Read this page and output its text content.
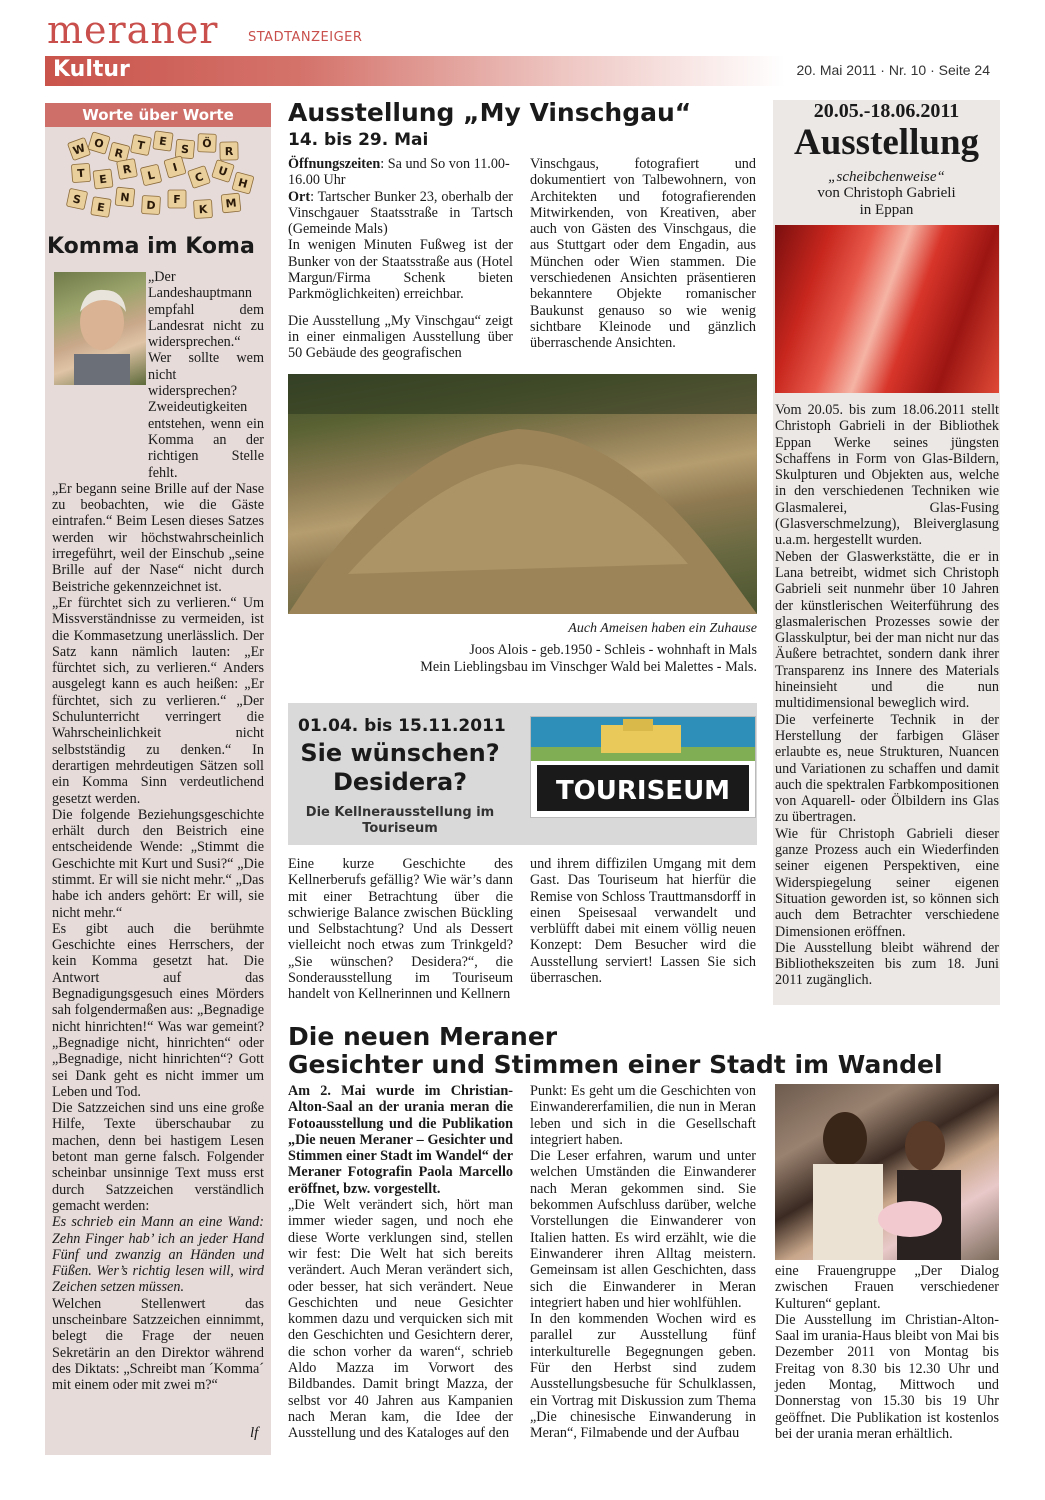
meraner STADTANZEIGER
Kultur	20. Mai 2011 · Nr. 10 · Seite 24
Worte über Worte
W O
R
T E
S Ö
R
T E
R L
I
C U
H
S
E
N
D F
K M
Komma im Koma

„Der Landeshauptmann empfahl dem Landesrat nicht zu widersprechen.“ Wer sollte wem nicht widersprechen? Zweideutigkeiten entstehen, wenn ein Komma an der richtigen Stelle fehlt.

„Er begann seine Brille auf der Nase zu beobachten, wie die Gäste eintrafen.“ Beim Lesen dieses Satzes werden wir höchstwahrscheinlich irregeführt, weil der Einschub „seine Brille auf der Nase“ nicht durch Beistriche gekennzeichnet ist.

„Er fürchtet sich zu verlieren.“ Um Missverständnisse zu vermeiden, ist die Kommasetzung unerlässlich. Der Satz kann nämlich lauten: „Er fürchtet sich, zu verlieren.“ Anders ausgelegt kann es auch heißen: „Er fürchtet, sich zu verlieren.“ „Der Schulunterricht verringert die Wahrscheinlichkeit nicht selbstständig zu denken.“ In derartigen mehrdeutigen Sätzen soll ein Komma Sinn verdeutlichend gesetzt werden.

Die folgende Beziehungsgeschichte erhält durch den Beistrich eine entscheidende Wende: „Stimmt die Geschichte mit Kurt und Susi?“ „Die stimmt. Er will sie nicht mehr.“ „Das habe ich anders gehört: Er will, sie nicht mehr.“

Es gibt auch die berühmte Geschichte eines Herrschers, der kein Komma gesetzt hat. Die Antwort auf das Begnadigungsgesuch eines Mörders sah folgendermaßen aus: „Begnadige nicht hinrichten!“ Was war gemeint? „Begnadige nicht, hinrichten“ oder „Begnadige, nicht hinrichten“? Gott sei Dank geht es nicht immer um Leben und Tod.

Die Satzzeichen sind uns eine große Hilfe, Texte überschaubar zu machen, denn bei hastigem Lesen betont man gerne falsch. Folgender scheinbar unsinnige Text muss erst durch Satzzeichen verständlich gemacht werden:

Es schrieb ein Mann an eine Wand: Zehn Finger hab’ ich an jeder Hand Fünf und zwanzig an Händen und Füßen. Wer’s richtig lesen will, wird Zeichen setzen müssen.

Welchen Stellenwert das unscheinbare Satzzeichen einnimmt, belegt die Frage der neuen Sekretärin an den Direktor während des Diktats: „Schreibt man ´Komma´ mit einem oder mit zwei m?“

lf
Ausstellung „My Vinschgau“
14. bis 29. Mai

Öffnungszeiten: Sa und So von 11.00-16.00 Uhr

Ort: Tartscher Bunker 23, oberhalb der Vinschgauer Staatsstraße in Tartsch (Gemeinde Mals)

In wenigen Minuten Fußweg ist der Bunker von der Staatsstraße aus (Hotel Margun/Firma Schenk bieten Parkmöglichkeiten) erreichbar.

Die Ausstellung „My Vinschgau“ zeigt in einer einmaligen Ausstellung über 50 Gebäude des geografischen

Vinschgaus, fotografiert und dokumentiert von Talbewohnern, von Architekten und fotografierenden Mitwirkenden, von Kreativen, aber auch von Gästen des Vinschgaus, die aus Stuttgart oder dem Engadin, aus München oder Wien stammen. Die verschiedenen Ansichten präsentieren bekanntere Objekte romanischer Baukunst genauso so wie wenig sichtbare Kleinode und gänzlich überraschende Ansichten.

Auch Ameisen haben ein Zuhause
Joos Alois - geb.1950 - Schleis - wohnhaft in Mals
Mein Lieblingsbau im Vinschger Wald bei Malettes - Mals.
20.05.-18.06.2011
Ausstellung
„scheibchenweise“
von Christoph Gabrieli
in Eppan

Vom 20.05. bis zum 18.06.2011 stellt Christoph Gabrieli in der Bibliothek Eppan Werke seines jüngsten Schaffens in Form von Glas-Bildern, Skulpturen und Objekten aus, welche in den verschiedenen Techniken wie Glasmalerei, Glas-Fusing (Glasverschmelzung), Bleiverglasung u.a.m. hergestellt wurden.

Neben der Glaswerkstätte, die er in Lana betreibt, widmet sich Christoph Gabrieli seit nunmehr über 10 Jahren der künstlerischen Weiterführung des glasmalerischen Prozesses sowie der Glasskulptur, bei der man nicht nur das Äußere betrachtet, sondern dank ihrer Transparenz ins Innere des Materials hineinsieht und die nun multidimensional beweglich wird.

Die verfeinerte Technik in der Herstellung der farbigen Gläser erlaubte es, neue Strukturen, Nuancen und Variationen zu schaffen und damit auch die spektralen Farbkompositionen von Aquarell- oder Ölbildern ins Glas zu übertragen.

Wie für Christoph Gabrieli dieser ganze Prozess auch ein Wiederfinden seiner eigenen Perspektiven, eine Widerspiegelung seiner eigenen Situation geworden ist, so können sich auch dem Betrachter verschiedene Dimensionen eröffnen.

Die Ausstellung bleibt während der Bibliothekszeiten bis zum 18. Juni 2011 zugänglich.

01.04. bis 15.11.2011
Sie wünschen?
Desidera?
Die Kellnerausstellung im Touriseum
TOURISEUM

Eine kurze Geschichte des Kellnerberufs gefällig? Wie wär’s dann mit einer Betrachtung über die schwierige Balance zwischen Bückling und Selbstachtung? Und als Dessert vielleicht noch etwas zum Trinkgeld? „Sie wünschen? Desidera?“, die Sonderausstellung im Touriseum handelt von Kellnerinnen und Kellnern

und ihrem diffizilen Umgang mit dem Gast. Das Touriseum hat hierfür die Remise von Schloss Trauttmansdorff in einen Speisesaal verwandelt und verblüfft dabei mit einem völlig neuen Konzept: Dem Besucher wird die Ausstellung serviert! Lassen Sie sich überraschen.

Die neuen Meraner
Gesichter und Stimmen einer Stadt im Wandel

Am 2. Mai wurde im Christian-Alton-Saal an der urania meran die Fotoausstellung und die Publikation „Die neuen Meraner – Gesichter und Stimmen einer Stadt im Wandel“ der Meraner Fotografin Paola Marcello eröffnet, bzw. vorgestellt.

„Die Welt verändert sich, hört man immer wieder sagen, und noch ehe diese Worte verklungen sind, stellen wir fest: Die Welt hat sich bereits verändert. Auch Meran verändert sich, oder besser, hat sich verändert. Neue Geschichten und neue Gesichter kommen dazu und verquicken sich mit den Geschichten und Gesichtern derer, die schon vorher da waren“, schrieb Aldo Mazza im Vorwort des Bildbandes. Damit bringt Mazza, der selbst vor 40 Jahren aus Kampanien nach Meran kam, die Idee der Ausstellung und des Kataloges auf den

Punkt: Es geht um die Geschichten von Einwandererfamilien, die nun in Meran leben und sich in die Gesellschaft integriert haben.

Die Leser erfahren, warum und unter welchen Umständen die Einwanderer nach Meran gekommen sind. Sie bekommen Aufschluss darüber, welche Vorstellungen die Einwanderer von Italien hatten. Es wird erzählt, wie die Einwanderer ihren Alltag meistern. Gemeinsam ist allen Geschichten, dass sich die Einwanderer in Meran integriert haben und hier wohlfühlen.

In den kommenden Wochen wird es parallel zur Ausstellung fünf interkulturelle Begegnungen geben. Für den Herbst sind zudem Ausstellungsbesuche für Schulklassen, ein Vortrag mit Diskussion zum Thema „Die chinesische Einwanderung in Meran“, Filmabende und der Aufbau

eine Frauengruppe „Der Dialog zwischen Frauen verschiedener Kulturen“ geplant.

Die Ausstellung im Christian-Alton-Saal im urania-Haus bleibt von Mai bis Dezember 2011 von Montag bis Freitag von 8.30 bis 12.30 Uhr und jeden Montag, Mittwoch und Donnerstag von 15.30 bis 19 Uhr geöffnet. Die Publikation ist kostenlos bei der urania meran erhältlich.
